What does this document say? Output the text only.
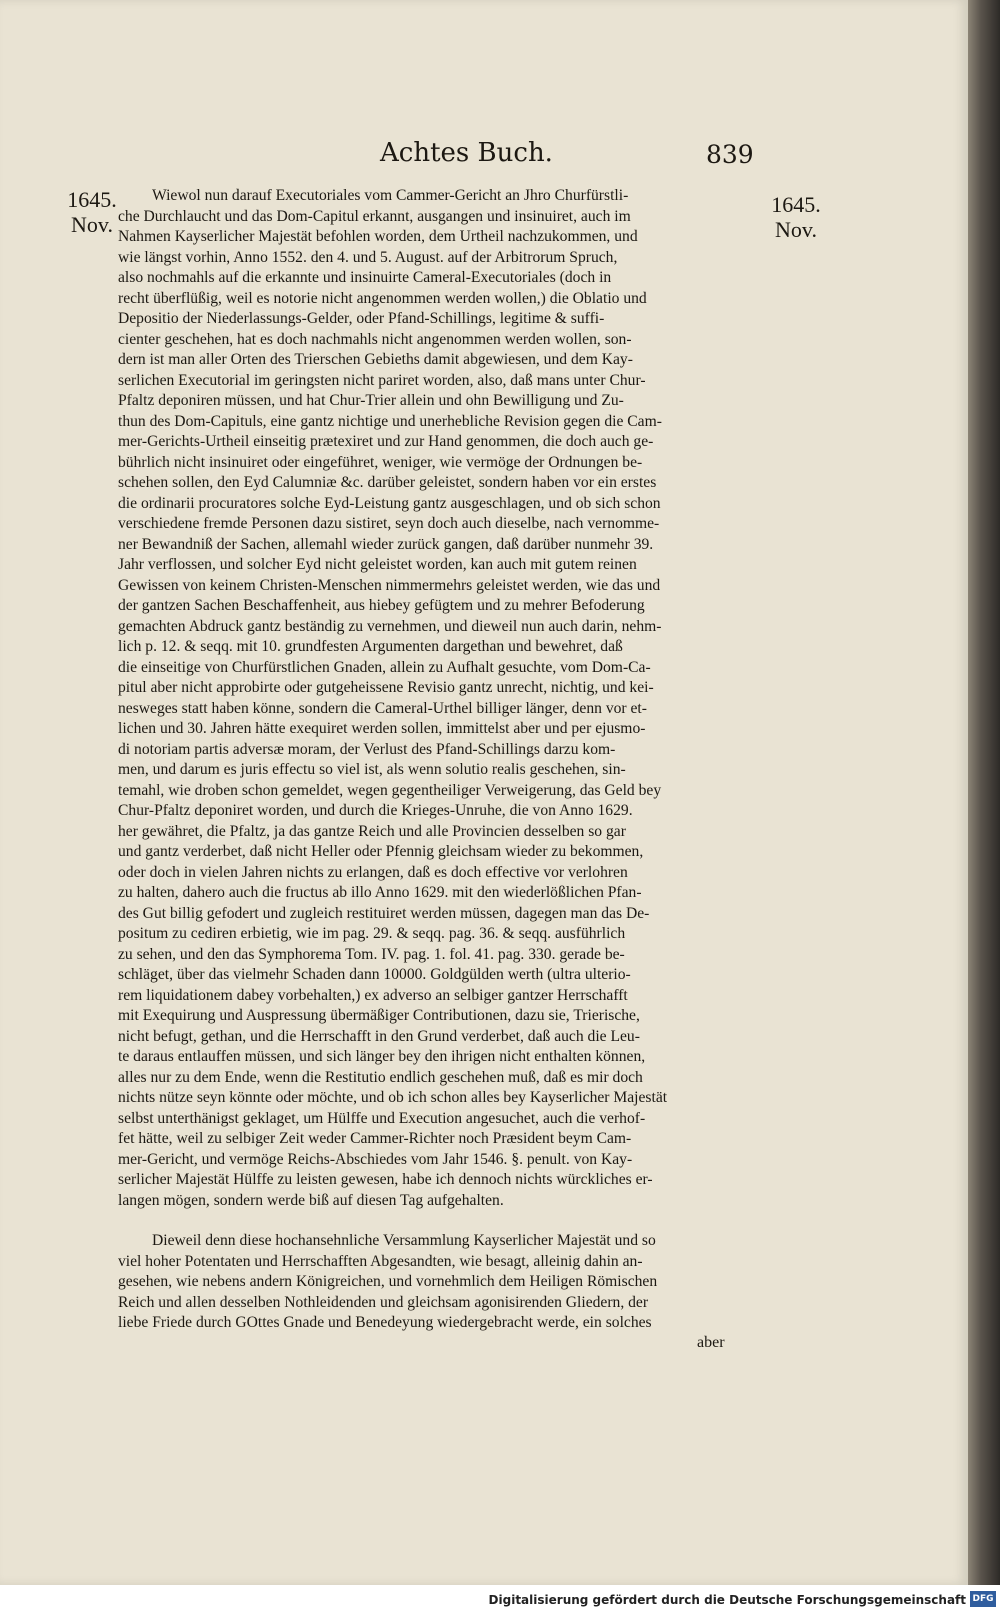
Achtes Buch.	839
1645.
Nov.
1645.
Nov.
Wiewol nun darauf Executoriales vom Cammer-Gericht an Jhro Churfürstli-
che Durchlaucht und das Dom-Capitul erkannt, ausgangen und insinuiret, auch im
Nahmen Kayserlicher Majestät befohlen worden, dem Urtheil nachzukommen, und
wie längst vorhin, Anno 1552. den 4. und 5. August. auf der Arbitrorum Spruch,
also nochmahls auf die erkannte und insinuirte Cameral-Executoriales (doch in
recht überflüßig, weil es notorie nicht angenommen werden wollen,) die Oblatio und
Depositio der Niederlassungs-Gelder, oder Pfand-Schillings, legitime & suffi-
cienter geschehen, hat es doch nachmahls nicht angenommen werden wollen, son-
dern ist man aller Orten des Trierschen Gebieths damit abgewiesen, und dem Kay-
serlichen Executorial im geringsten nicht pariret worden, also, daß mans unter Chur-
Pfaltz deponiren müssen, und hat Chur-Trier allein und ohn Bewilligung und Zu-
thun des Dom-Capituls, eine gantz nichtige und unerhebliche Revision gegen die Cam-
mer-Gerichts-Urtheil einseitig prætexiret und zur Hand genommen, die doch auch ge-
bührlich nicht insinuiret oder eingeführet, weniger, wie vermöge der Ordnungen be-
schehen sollen, den Eyd Calumniæ &c. darüber geleistet, sondern haben vor ein erstes
die ordinarii procuratores solche Eyd-Leistung gantz ausgeschlagen, und ob sich schon
verschiedene fremde Personen dazu sistiret, seyn doch auch dieselbe, nach vernomme-
ner Bewandniß der Sachen, allemahl wieder zurück gangen, daß darüber nunmehr 39.
Jahr verflossen, und solcher Eyd nicht geleistet worden, kan auch mit gutem reinen
Gewissen von keinem Christen-Menschen nimmermehrs geleistet werden, wie das und
der gantzen Sachen Beschaffenheit, aus hiebey gefügtem und zu mehrer Befoderung
gemachten Abdruck gantz beständig zu vernehmen, und dieweil nun auch darin, nehm-
lich p. 12. & seqq. mit 10. grundfesten Argumenten dargethan und bewehret, daß
die einseitige von Churfürstlichen Gnaden, allein zu Aufhalt gesuchte, vom Dom-Ca-
pitul aber nicht approbirte oder gutgeheissene Revisio gantz unrecht, nichtig, und kei-
nesweges statt haben könne, sondern die Cameral-Urthel billiger länger, denn vor et-
lichen und 30. Jahren hätte exequiret werden sollen, immittelst aber und per ejusmo-
di notoriam partis adversæ moram, der Verlust des Pfand-Schillings darzu kom-
men, und darum es juris effectu so viel ist, als wenn solutio realis geschehen, sin-
temahl, wie droben schon gemeldet, wegen gegentheiliger Verweigerung, das Geld bey
Chur-Pfaltz deponiret worden, und durch die Krieges-Unruhe, die von Anno 1629.
her gewähret, die Pfaltz, ja das gantze Reich und alle Provincien desselben so gar
und gantz verderbet, daß nicht Heller oder Pfennig gleichsam wieder zu bekommen,
oder doch in vielen Jahren nichts zu erlangen, daß es doch effective vor verlohren
zu halten, dahero auch die fructus ab illo Anno 1629. mit den wiederlößlichen Pfan-
des Gut billig gefodert und zugleich restituiret werden müssen, dagegen man das De-
positum zu cediren erbietig, wie im pag. 29. & seqq. pag. 36. & seqq. ausführlich
zu sehen, und den das Symphorema Tom. IV. pag. 1. fol. 41. pag. 330. gerade be-
schläget, über das vielmehr Schaden dann 10000. Goldgülden werth (ultra ulterio-
rem liquidationem dabey vorbehalten,) ex adverso an selbiger gantzer Herrschafft
mit Exequirung und Auspressung übermäßiger Contributionen, dazu sie, Trierische,
nicht befugt, gethan, und die Herrschafft in den Grund verderbet, daß auch die Leu-
te daraus entlauffen müssen, und sich länger bey den ihrigen nicht enthalten können,
alles nur zu dem Ende, wenn die Restitutio endlich geschehen muß, daß es mir doch
nichts nütze seyn könnte oder möchte, und ob ich schon alles bey Kayserlicher Majestät
selbst unterthänigst geklaget, um Hülffe und Execution angesuchet, auch die verhof-
fet hätte, weil zu selbiger Zeit weder Cammer-Richter noch Præsident beym Cam-
mer-Gericht, und vermöge Reichs-Abschiedes vom Jahr 1546. §. penult. von Kay-
serlicher Majestät Hülffe zu leisten gewesen, habe ich dennoch nichts würckliches er-
langen mögen, sondern werde biß auf diesen Tag aufgehalten.
Dieweil denn diese hochansehnliche Versammlung Kayserlicher Majestät und so
viel hoher Potentaten und Herrschafften Abgesandten, wie besagt, alleinig dahin an-
gesehen, wie nebens andern Königreichen, und vornehmlich dem Heiligen Römischen
Reich und allen desselben Nothleidenden und gleichsam agonisirenden Gliedern, der
liebe Friede durch GOttes Gnade und Benedeyung wiedergebracht werde, ein solches
aber
Digitalisierung gefördert durch die Deutsche Forschungsgemeinschaft DFG
